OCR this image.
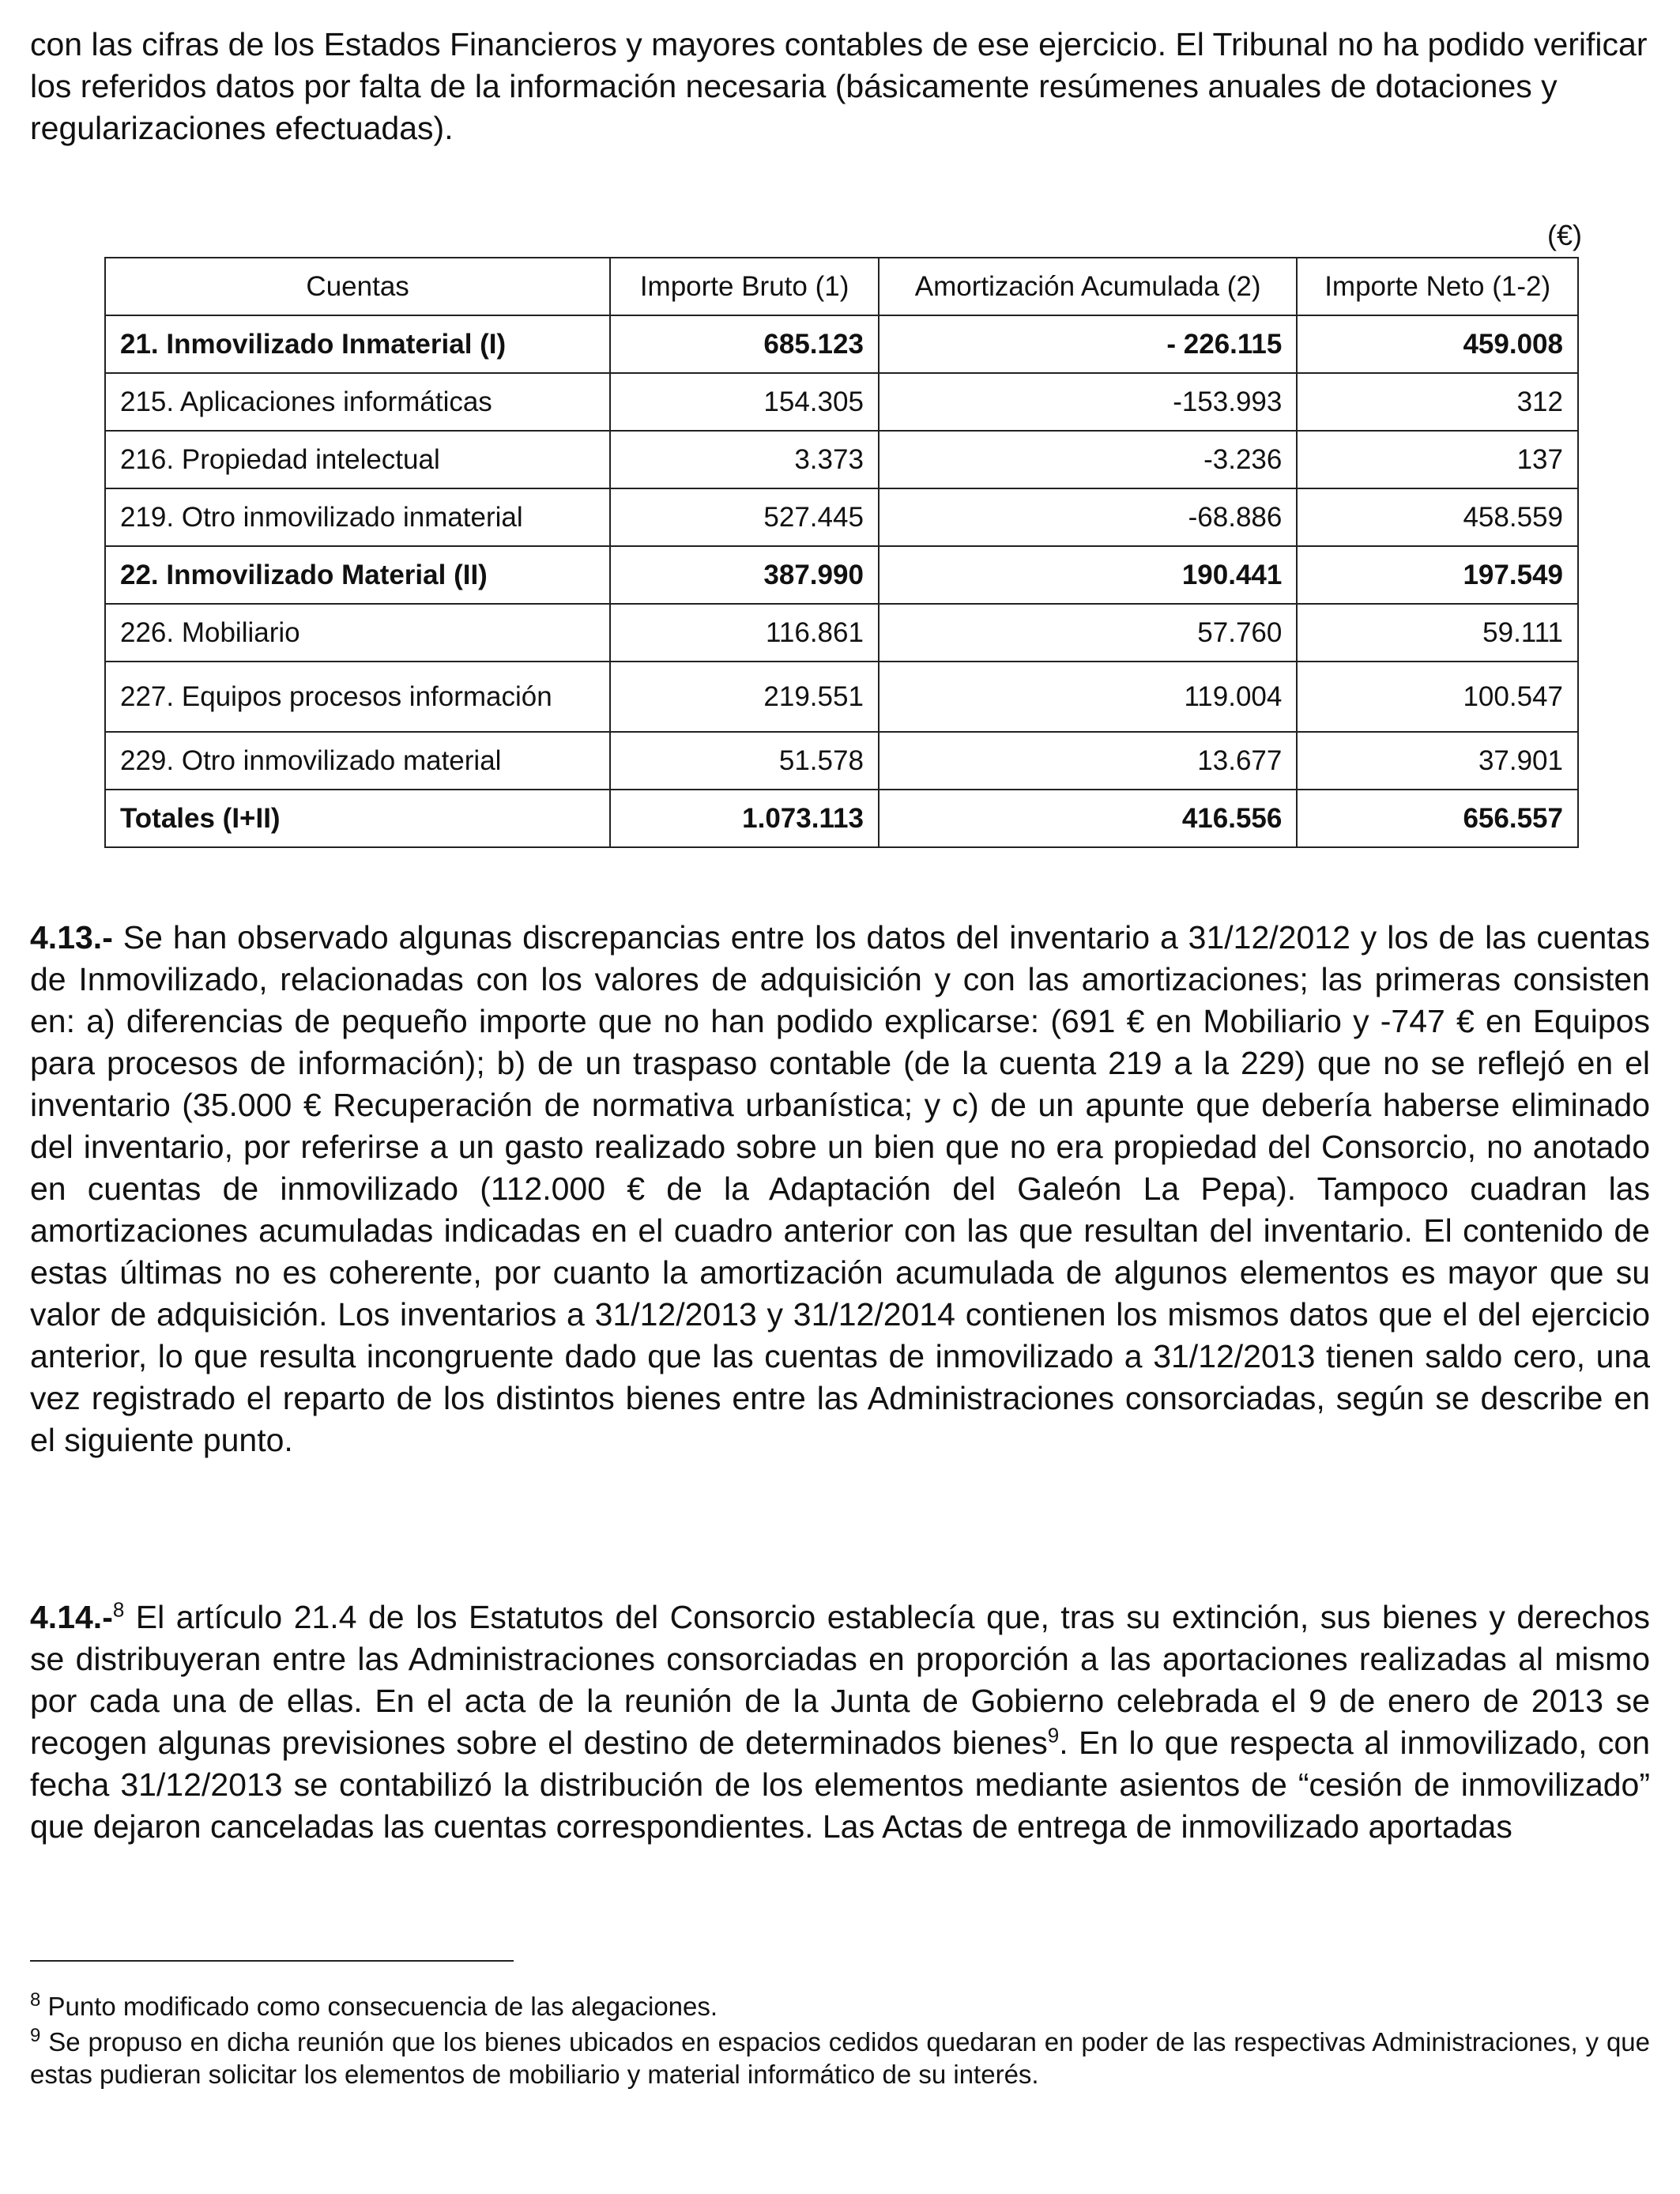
con las cifras de los Estados Financieros y mayores contables de ese ejercicio. El Tribunal no ha podido verificar los referidos datos por falta de la información necesaria (básicamente resúmenes anuales de dotaciones y regularizaciones efectuadas).

(€)
Cuentas	Importe Bruto (1)	Amortización Acumulada (2)	Importe Neto (1-2)
21. Inmovilizado Inmaterial (I)	685.123	- 226.115	459.008
215. Aplicaciones informáticas	154.305	-153.993	312
216. Propiedad intelectual	3.373	-3.236	137
219. Otro inmovilizado inmaterial	527.445	-68.886	458.559
22. Inmovilizado Material (II)	387.990	190.441	197.549
226. Mobiliario	116.861	57.760	59.111
227. Equipos procesos información	219.551	119.004	100.547
229. Otro inmovilizado material	51.578	13.677	37.901
Totales (I+II)	1.073.113	416.556	656.557

4.13.- Se han observado algunas discrepancias entre los datos del inventario a 31/12/2012 y los de las cuentas de Inmovilizado, relacionadas con los valores de adquisición y con las amortizaciones; las primeras consisten en: a) diferencias de pequeño importe que no han podido explicarse: (691 € en Mobiliario y -747 € en Equipos para procesos de información); b) de un traspaso contable (de la cuenta 219 a la 229) que no se reflejó en el inventario (35.000 € Recuperación de normativa urbanística; y c) de un apunte que debería haberse eliminado del inventario, por referirse a un gasto realizado sobre un bien que no era propiedad del Consorcio, no anotado en cuentas de inmovilizado (112.000 € de la Adaptación del Galeón La Pepa). Tampoco cuadran las amortizaciones acumuladas indicadas en el cuadro anterior con las que resultan del inventario. El contenido de estas últimas no es coherente, por cuanto la amortización acumulada de algunos elementos es mayor que su valor de adquisición. Los inventarios a 31/12/2013 y 31/12/2014 contienen los mismos datos que el del ejercicio anterior, lo que resulta incongruente dado que las cuentas de inmovilizado a 31/12/2013 tienen saldo cero, una vez registrado el reparto de los distintos bienes entre las Administraciones consorciadas, según se describe en el siguiente punto.

4.14.-$^8$ El artículo 21.4 de los Estatutos del Consorcio establecía que, tras su extinción, sus bienes y derechos se distribuyeran entre las Administraciones consorciadas en proporción a las aportaciones realizadas al mismo por cada una de ellas. En el acta de la reunión de la Junta de Gobierno celebrada el 9 de enero de 2013 se recogen algunas previsiones sobre el destino de determinados bienes$^9$. En lo que respecta al inmovilizado, con fecha 31/12/2013 se contabilizó la distribución de los elementos mediante asientos de “cesión de inmovilizado” que dejaron canceladas las cuentas correspondientes. Las Actas de entrega de inmovilizado aportadas

$^8$ Punto modificado como consecuencia de las alegaciones.

$^9$ Se propuso en dicha reunión que los bienes ubicados en espacios cedidos quedaran en poder de las respectivas Administraciones, y que estas pudieran solicitar los elementos de mobiliario y material informático de su interés.
